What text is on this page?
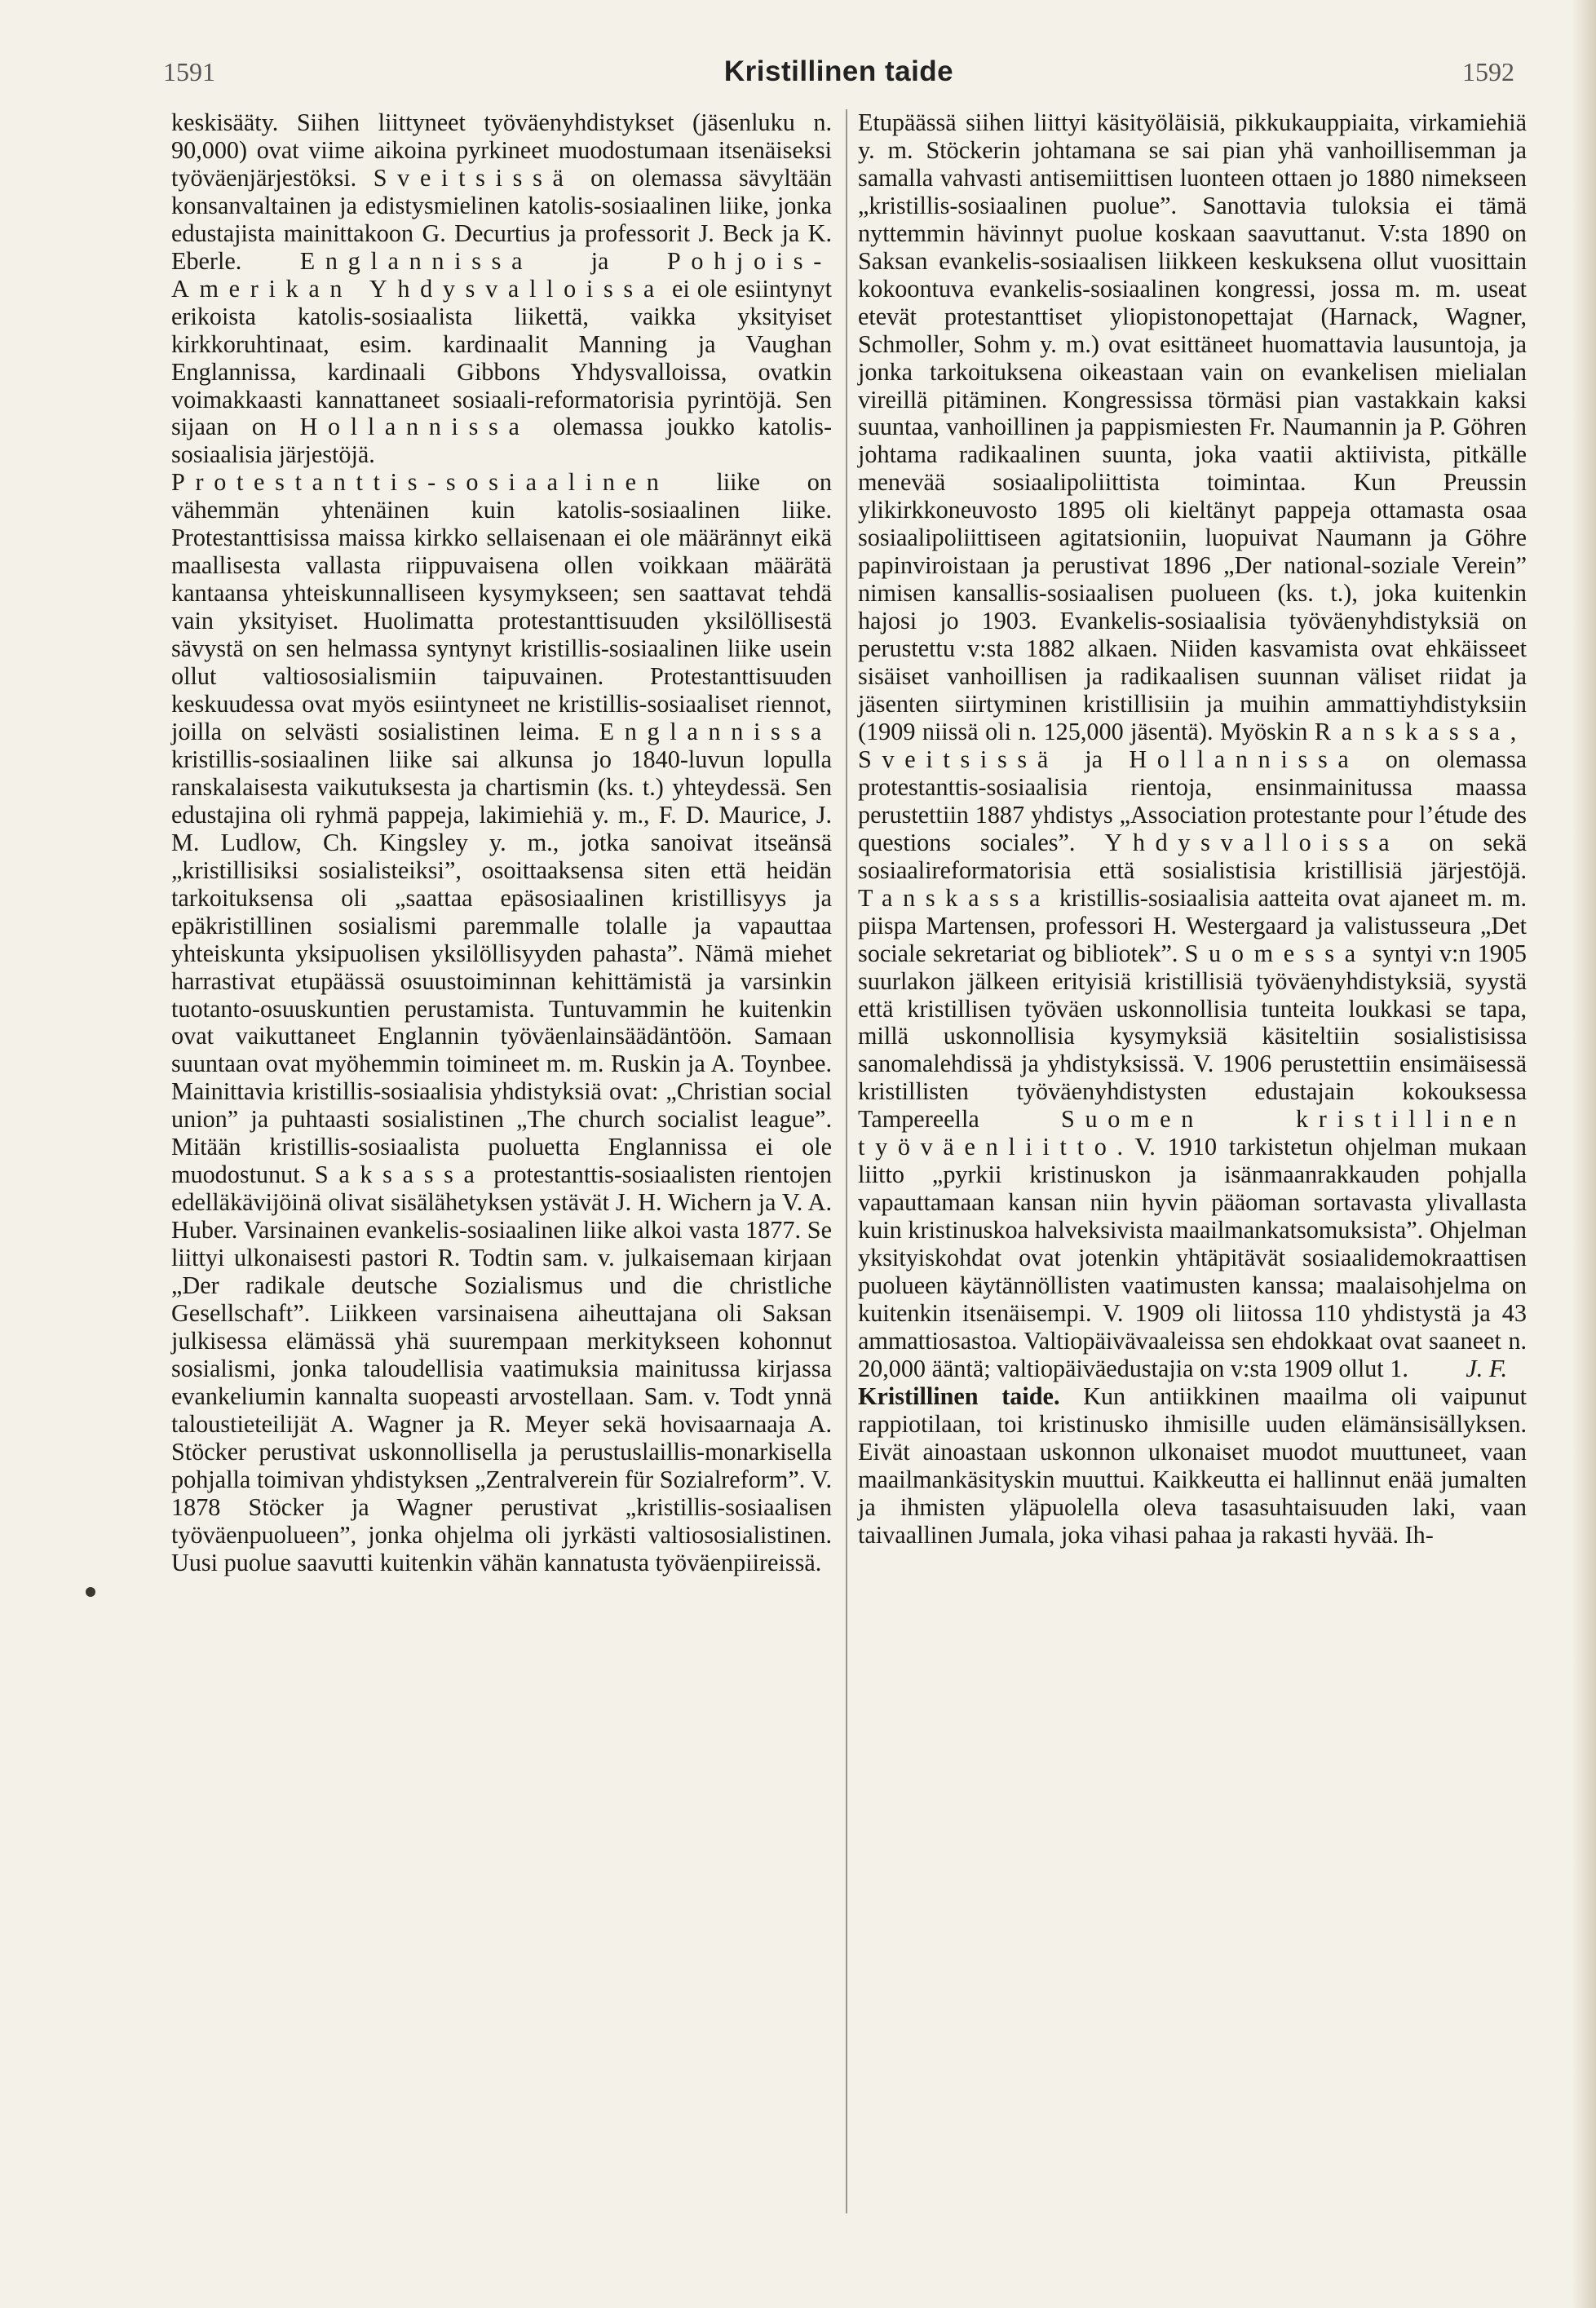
1591	Kristillinen taide	1592

keskisääty. Siihen liittyneet työväenyhdistykset (jäsenluku n. 90,000) ovat viime aikoina pyrkineet muodostumaan itsenäiseksi työväenjärjestöksi. Sveitsissä on olemassa sävyltään konsanvaltainen ja edistysmielinen katolis-sosiaalinen liike, jonka edustajista mainittakoon G. Decurtius ja professorit J. Beck ja K. Eberle. Englannissa ja Pohjois-Amerikan Yhdysvalloissa ei ole esiintynyt erikoista katolis-sosiaalista liikettä, vaikka yksityiset kirkkoruhtinaat, esim. kardinaalit Manning ja Vaughan Englannissa, kardinaali Gibbons Yhdysvalloissa, ovatkin voimakkaasti kannattaneet sosiaali-reformatorisia pyrintöjä. Sen sijaan on Hollannissa olemassa joukko katolis-sosiaalisia järjestöjä.

Protestanttis-sosiaalinen liike on vähemmän yhtenäinen kuin katolis-sosiaalinen liike. Protestanttisissa maissa kirkko sellaisenaan ei ole määrännyt eikä maallisesta vallasta riippuvaisena ollen voikkaan määrätä kantaansa yhteiskunnalliseen kysymykseen; sen saattavat tehdä vain yksityiset. Huolimatta protestanttisuuden yksilöllisestä sävystä on sen helmassa syntynyt kristillis-sosiaalinen liike usein ollut valtiososialismiin taipuvainen. Protestanttisuuden keskuudessa ovat myös esiintyneet ne kristillis-sosiaaliset riennot, joilla on selvästi sosialistinen leima. Englannissa kristillis-sosiaalinen liike sai alkunsa jo 1840-luvun lopulla ranskalaisesta vaikutuksesta ja chartismin (ks. t.) yhteydessä. Sen edustajina oli ryhmä pappeja, lakimiehiä y. m., F. D. Maurice, J. M. Ludlow, Ch. Kingsley y. m., jotka sanoivat itseänsä „kristillisiksi sosialisteiksi”, osoittaaksensa siten että heidän tarkoituksensa oli „saattaa epäsosiaalinen kristillisyys ja epäkristillinen sosialismi paremmalle tolalle ja vapauttaa yhteiskunta yksipuolisen yksilöllisyyden pahasta”. Nämä miehet harrastivat etupäässä osuustoiminnan kehittämistä ja varsinkin tuotanto-osuuskuntien perustamista. Tuntuvammin he kuitenkin ovat vaikuttaneet Englannin työväenlainsäädäntöön. Samaan suuntaan ovat myöhemmin toimineet m. m. Ruskin ja A. Toynbee. Mainittavia kristillis-sosiaalisia yhdistyksiä ovat: „Christian social union” ja puhtaasti sosialistinen „The church socialist league”. Mitään kristillis-sosiaalista puoluetta Englannissa ei ole muodostunut. Saksassa protestanttis-sosiaalisten rientojen edelläkävijöinä olivat sisälähetyksen ystävät J. H. Wichern ja V. A. Huber. Varsinainen evankelis-sosiaalinen liike alkoi vasta 1877. Se liittyi ulkonaisesti pastori R. Todtin sam. v. julkaisemaan kirjaan „Der radikale deutsche Sozialismus und die christliche Gesellschaft”. Liikkeen varsinaisena aiheuttajana oli Saksan julkisessa elämässä yhä suurempaan merkitykseen kohonnut sosialismi, jonka taloudellisia vaatimuksia mainitussa kirjassa evankeliumin kannalta suopeasti arvostellaan. Sam. v. Todt ynnä taloustieteilijät A. Wagner ja R. Meyer sekä hovisaarnaaja A. Stöcker perustivat uskonnollisella ja perustuslaillis-monarkisella pohjalla toimivan yhdistyksen „Zentralverein für Sozialreform”. V. 1878 Stöcker ja Wagner perustivat „kristillis-sosiaalisen työväenpuolueen”, jonka ohjelma oli jyrkästi valtiososialistinen. Uusi puolue saavutti kuitenkin vähän kannatusta työväenpiireissä.

Etupäässä siihen liittyi käsityöläisiä, pikkukauppiaita, virkamiehiä y. m. Stöckerin johtamana se sai pian yhä vanhoillisemman ja samalla vahvasti antisemiittisen luonteen ottaen jo 1880 nimekseen „kristillis-sosiaalinen puolue”. Sanottavia tuloksia ei tämä nyttemmin hävinnyt puolue koskaan saavuttanut. V:sta 1890 on Saksan evankelis-sosiaalisen liikkeen keskuksena ollut vuosittain kokoontuva evankelis-sosiaalinen kongressi, jossa m. m. useat etevät protestanttiset yliopistonopettajat (Harnack, Wagner, Schmoller, Sohm y. m.) ovat esittäneet huomattavia lausuntoja, ja jonka tarkoituksena oikeastaan vain on evankelisen mielialan vireillä pitäminen. Kongressissa törmäsi pian vastakkain kaksi suuntaa, vanhoillinen ja pappismiesten Fr. Naumannin ja P. Göhren johtama radikaalinen suunta, joka vaatii aktiivista, pitkälle menevää sosiaalipoliittista toimintaa. Kun Preussin ylikirkkoneuvosto 1895 oli kieltänyt pappeja ottamasta osaa sosiaalipoliittiseen agitatsioniin, luopuivat Naumann ja Göhre papinviroistaan ja perustivat 1896 „Der national-soziale Verein” nimisen kansallis-sosiaalisen puolueen (ks. t.), joka kuitenkin hajosi jo 1903. Evankelis-sosiaalisia työväenyhdistyksiä on perustettu v:sta 1882 alkaen. Niiden kasvamista ovat ehkäisseet sisäiset vanhoillisen ja radikaalisen suunnan väliset riidat ja jäsenten siirtyminen kristillisiin ja muihin ammattiyhdistyksiin (1909 niissä oli n. 125,000 jäsentä). Myöskin Ranskassa, Sveitsissä ja Hollannissa on olemassa protestanttis-sosiaalisia rientoja, ensinmainitussa maassa perustettiin 1887 yhdistys „Association protestante pour l’étude des questions sociales”. Yhdysvalloissa on sekä sosiaalireformatorisia että sosialistisia kristillisiä järjestöjä. Tanskassa kristillis-sosiaalisia aatteita ovat ajaneet m. m. piispa Martensen, professori H. Westergaard ja valistusseura „Det sociale sekretariat og bibliotek”. Suomessa syntyi v:n 1905 suurlakon jälkeen erityisiä kristillisiä työväenyhdistyksiä, syystä että kristillisen työväen uskonnollisia tunteita loukkasi se tapa, millä uskonnollisia kysymyksiä käsiteltiin sosialistisissa sanomalehdissä ja yhdistyksissä. V. 1906 perustettiin ensimäisessä kristillisten työväenyhdistysten edustajain kokouksessa Tampereella Suomen kristillinen työväenliitto. V. 1910 tarkistetun ohjelman mukaan liitto „pyrkii kristinuskon ja isänmaanrakkauden pohjalla vapauttamaan kansan niin hyvin pääoman sortavasta ylivallasta kuin kristinuskoa halveksivista maailmankatsomuksista”. Ohjelman yksityiskohdat ovat jotenkin yhtäpitävät sosiaalidemokraattisen puolueen käytännöllisten vaatimusten kanssa; maalaisohjelma on kuitenkin itsenäisempi. V. 1909 oli liitossa 110 yhdistystä ja 43 ammattiosastoa. Valtiopäivävaaleissa sen ehdokkaat ovat saaneet n. 20,000 ääntä; valtiopäiväedustajia on v:sta 1909 ollut 1. J. F.

Kristillinen taide. Kun antiikkinen maailma oli vaipunut rappiotilaan, toi kristinusko ihmisille uuden elämänsisällyksen. Eivät ainoastaan uskonnon ulkonaiset muodot muuttuneet, vaan maailmankäsityskin muuttui. Kaikkeutta ei hallinnut enää jumalten ja ihmisten yläpuolella oleva tasasuhtaisuuden laki, vaan taivaallinen Jumala, joka vihasi pahaa ja rakasti hyvää. Ih-
